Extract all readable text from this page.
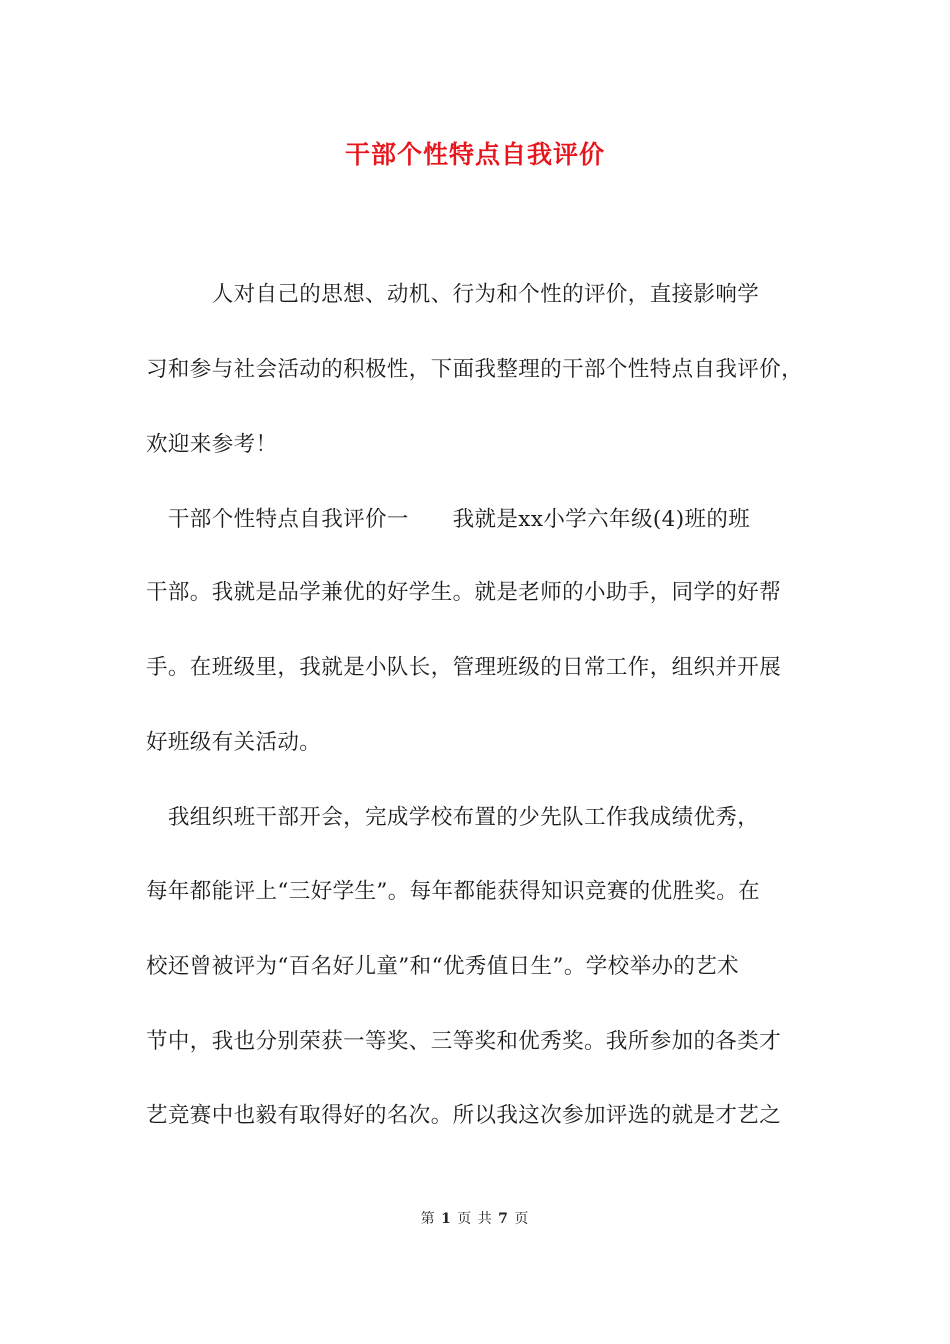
干部个性特点自我评价
　　　人对自己的思想、动机、行为和个性的评价，直接影响学
习和参与社会活动的积极性，下面我整理的干部个性特点自我评价，
欢迎来参考！
　干部个性特点自我评价一　　我就是xx小学六年级(4)班的班
干部。我就是品学兼优的好学生。就是老师的小助手，同学的好帮
手。在班级里，我就是小队长，管理班级的日常工作，组织并开展
好班级有关活动。
　我组织班干部开会，完成学校布置的少先队工作我成绩优秀，
每年都能评上“三好学生”。每年都能获得知识竞赛的优胜奖。在
校还曾被评为“百名好儿童”和“优秀值日生”。学校举办的艺术
节中，我也分别荣获一等奖、三等奖和优秀奖。我所参加的各类才
艺竞赛中也毅有取得好的名次。所以我这次参加评选的就是才艺之
第 1 页 共 7 页
